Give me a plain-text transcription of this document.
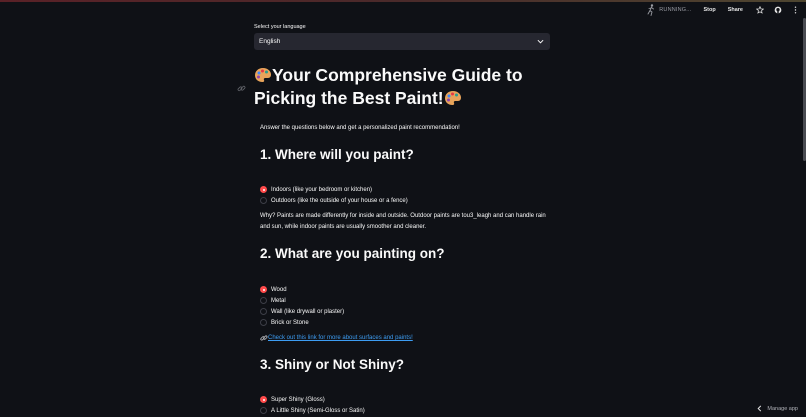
RUNNING... Stop Share
Select your language
English
Your Comprehensive Guide to Picking the Best Paint!
Answer the questions below and get a personalized paint recommendation!
1. Where will you paint?
Indoors (like your bedroom or kitchen)
Outdoors (like the outside of your house or a fence)
Why? Paints are made differently for inside and outside. Outdoor paints are tou3_leagh and can handle rain and sun, while indoor paints are usually smoother and cleaner.
2. What are you painting on?
Wood
Metal
Wall (like drywall or plaster)
Brick or Stone
Check out this link for more about surfaces and paints!
3. Shiny or Not Shiny?
Super Shiny (Gloss)
A Little Shiny (Semi-Gloss or Satin)	Manage app
